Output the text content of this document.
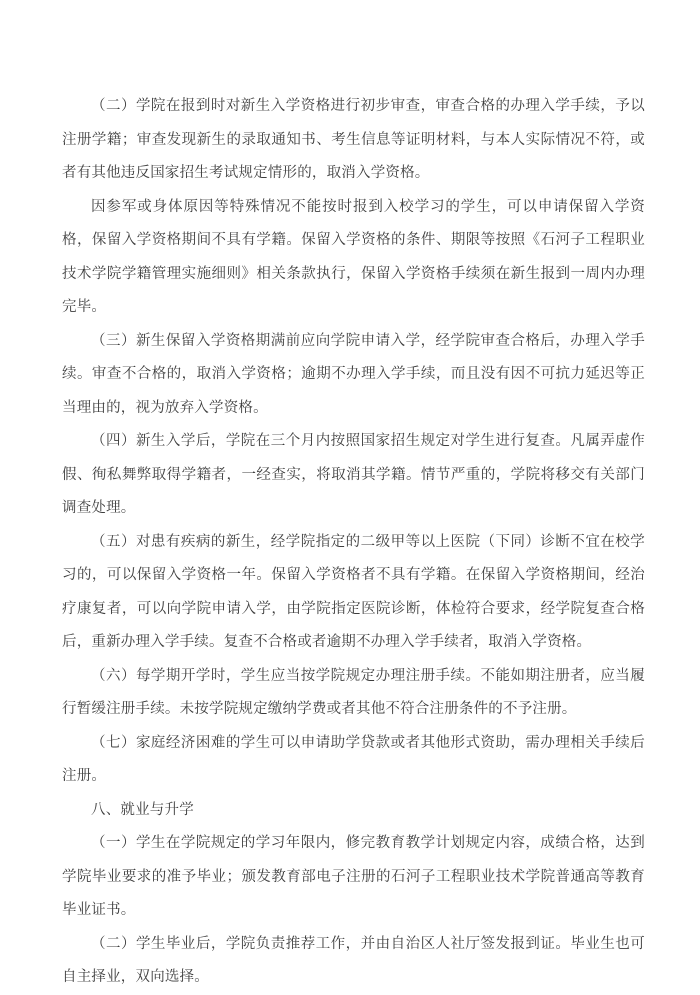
（二）学院在报到时对新生入学资格进行初步审查，审查合格的办理入学手续，予以注册学籍；审查发现新生的录取通知书、考生信息等证明材料，与本人实际情况不符，或者有其他违反国家招生考试规定情形的，取消入学资格。

因参军或身体原因等特殊情况不能按时报到入校学习的学生，可以申请保留入学资格，保留入学资格期间不具有学籍。保留入学资格的条件、期限等按照《石河子工程职业技术学院学籍管理实施细则》相关条款执行，保留入学资格手续须在新生报到一周内办理完毕。

（三）新生保留入学资格期满前应向学院申请入学，经学院审查合格后，办理入学手续。审查不合格的，取消入学资格；逾期不办理入学手续，而且没有因不可抗力延迟等正当理由的，视为放弃入学资格。

（四）新生入学后，学院在三个月内按照国家招生规定对学生进行复查。凡属弄虚作假、徇私舞弊取得学籍者，一经查实，将取消其学籍。情节严重的，学院将移交有关部门调查处理。

（五）对患有疾病的新生，经学院指定的二级甲等以上医院（下同）诊断不宜在校学习的，可以保留入学资格一年。保留入学资格者不具有学籍。在保留入学资格期间，经治疗康复者，可以向学院申请入学，由学院指定医院诊断，体检符合要求，经学院复查合格后，重新办理入学手续。复查不合格或者逾期不办理入学手续者，取消入学资格。

（六）每学期开学时，学生应当按学院规定办理注册手续。不能如期注册者，应当履行暂缓注册手续。未按学院规定缴纳学费或者其他不符合注册条件的不予注册。

（七）家庭经济困难的学生可以申请助学贷款或者其他形式资助，需办理相关手续后注册。

八、就业与升学

（一）学生在学院规定的学习年限内，修完教育教学计划规定内容，成绩合格，达到学院毕业要求的准予毕业；颁发教育部电子注册的石河子工程职业技术学院普通高等教育毕业证书。

（二）学生毕业后，学院负责推荐工作，并由自治区人社厅签发报到证。毕业生也可自主择业，双向选择。
